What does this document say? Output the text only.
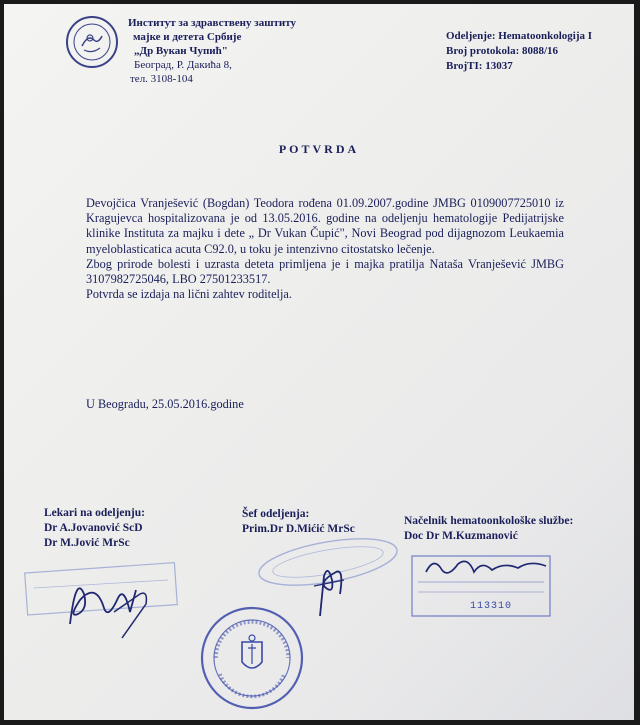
Институт за здравствену заштиту
мајке и детета Србије
„Др Вукан Чупић"
Београд, Р. Дакића 8,
тел. 3108-104
Odeljenje: Hematoonkologija I
Broj protokola: 8088/16
BrojTI: 13037
POTVRDA

Devojčica Vranješević (Bogdan) Teodora rođena 01.09.2007.godine JMBG 0109007725010 iz Kragujevca hospitalizovana je od 13.05.2016. godine na odeljenju hematologije Pedijatrijske klinike Instituta za majku i dete „ Dr Vukan Čupić", Novi Beograd pod dijagnozom Leukaemia myeloblasticatica acuta C92.0, u toku je intenzivno citostatsko lečenje.

Zbog prirode bolesti i uzrasta deteta primljena je i majka pratilja Nataša Vranješević JMBG 3107982725046, LBO 27501233517.

Potvrda se izdaja na lični zahtev roditelja.

U Beogradu, 25.05.2016.godine
Lekari na odeljenju:
Dr A.Jovanović ScD
Dr M.Jović MrSc
Šef odeljenja:
Prim.Dr D.Mićić MrSc
Načelnik hematoonkološke službe:
Doc Dr M.Kuzmanović
113310
